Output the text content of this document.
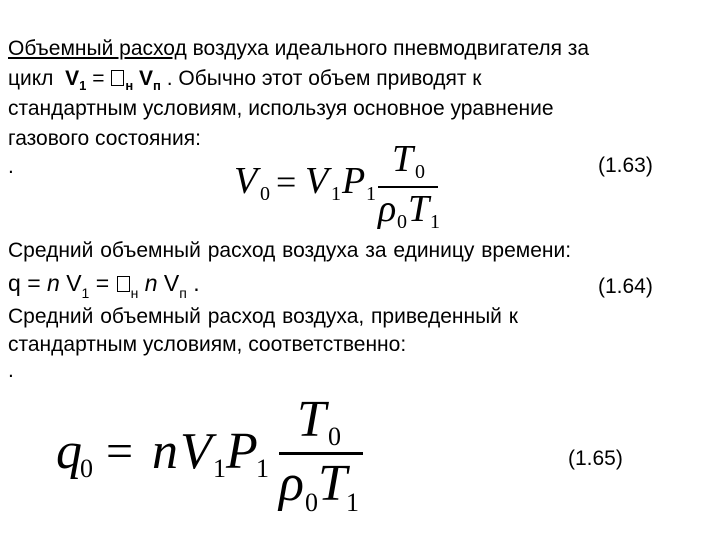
Объемный расход воздуха идеального пневмодвигателя за
цикл $V_1 = _н$ $V_п$ . Обычно этот объем приводят к
стандартным условиям, используя основное уравнение
газового состояния:
.	V 0 = V 1 P 1
T 0
ρ 0 T 1
(1.63)
Средний объемный расход воздуха за единицу времени:
q = n $V_1 = _н$ n $V_п$ .	(1.64)
Средний объемный расход воздуха, приведенный к
стандартным условиям, соответственно:
.
q
0 = n V 1 P
1
T 0
ρ 0 T 1
(1.65)
